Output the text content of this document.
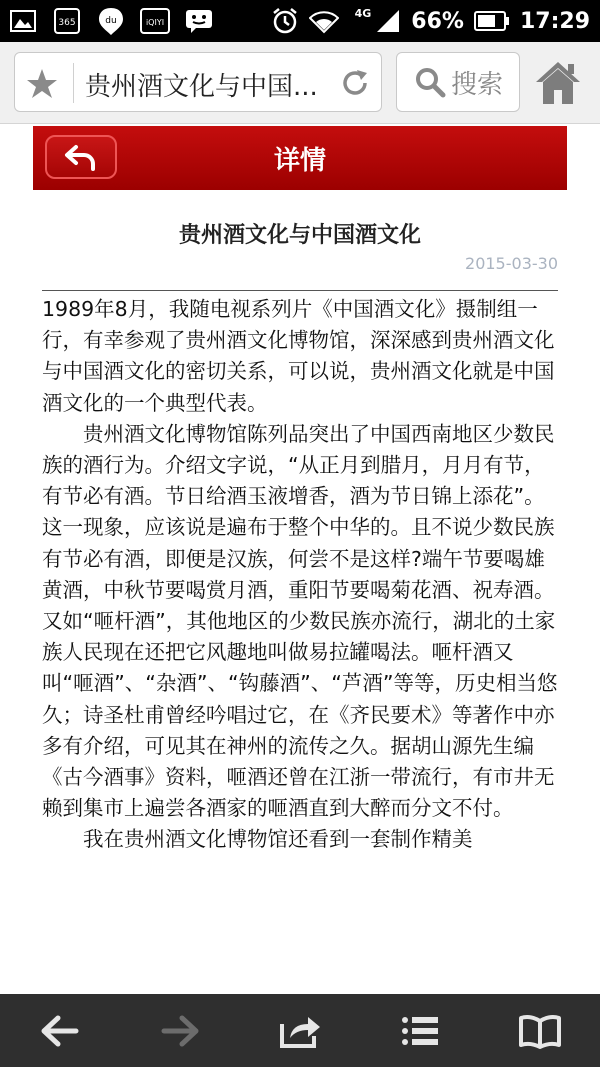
365	du	iQIYI
4G 66%	17:29
贵州酒文化与中国...	搜索
详情
贵州酒文化与中国酒文化
2015-03-30

1989年8月，我随电视系列片《中国酒文化》摄制组一行，有幸参观了贵州酒文化博物馆，深深感到贵州酒文化与中国酒文化的密切关系，可以说，贵州酒文化就是中国酒文化的一个典型代表。

贵州酒文化博物馆陈列品突出了中国西南地区少数民族的酒行为。介绍文字说，“从正月到腊月，月月有节，有节必有酒。节日给酒玉液增香，酒为节日锦上添花”。这一现象，应该说是遍布于整个中华的。且不说少数民族有节必有酒，即便是汉族，何尝不是这样?端午节要喝雄黄酒，中秋节要喝赏月酒，重阳节要喝菊花酒、祝寿酒。又如“咂杆酒”，其他地区的少数民族亦流行，湖北的土家族人民现在还把它风趣地叫做易拉罐喝法。咂杆酒又叫“咂酒”、“杂酒”、“钩藤酒”、“芦酒”等等，历史相当悠久；诗圣杜甫曾经吟唱过它，在《齐民要术》等著作中亦多有介绍，可见其在神州的流传之久。据胡山源先生编《古今酒事》资料，咂酒还曾在江浙一带流行，有市井无赖到集市上遍尝各酒家的咂酒直到大醉而分文不付。

我在贵州酒文化博物馆还看到一套制作精美
